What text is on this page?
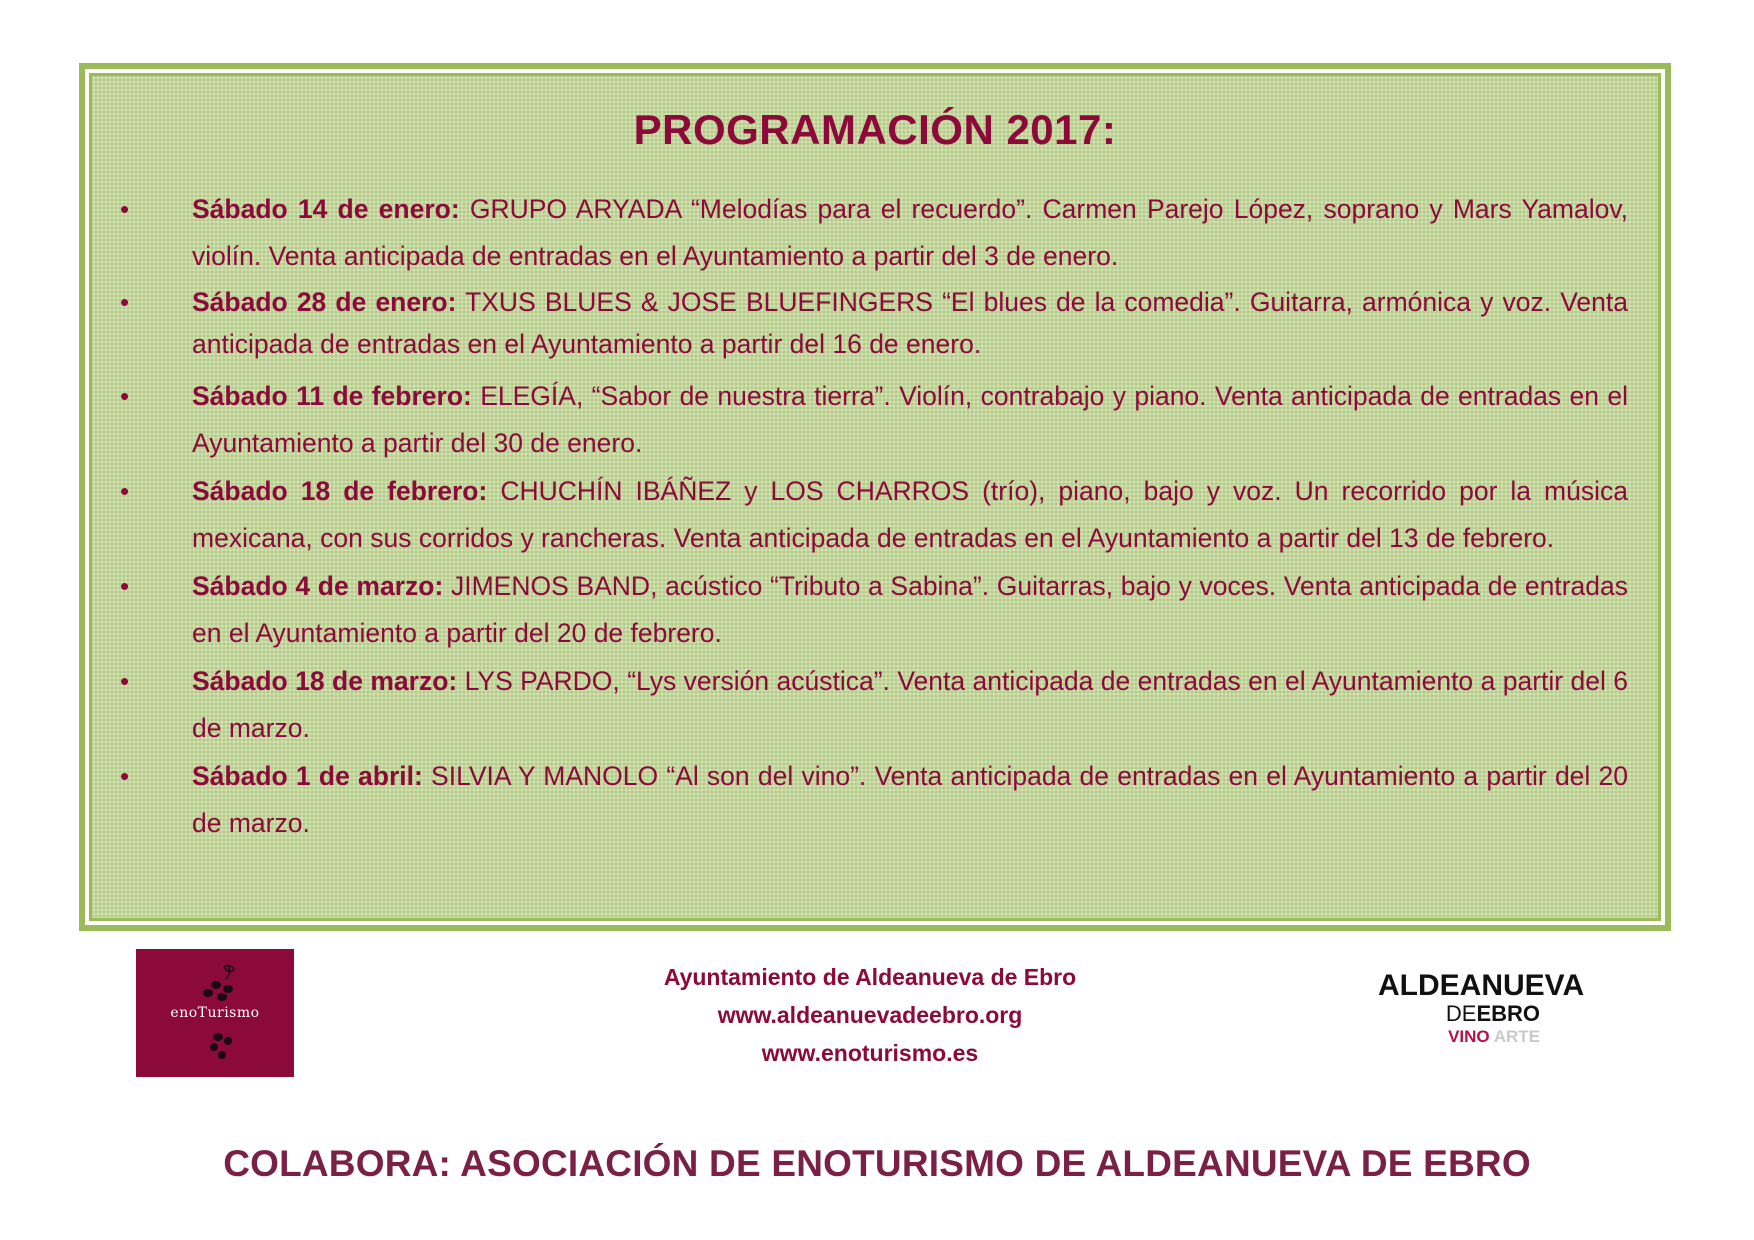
PROGRAMACIÓN 2017:
• Sábado 14 de enero: GRUPO ARYADA “Melodías para el recuerdo”. Carmen Parejo López, soprano y Mars Yamalov, violín. Venta anticipada de entradas en el Ayuntamiento a partir del 3 de enero.
• Sábado 28 de enero: TXUS BLUES & JOSE BLUEFINGERS “El blues de la comedia”. Guitarra, armónica y voz. Venta anticipada de entradas en el Ayuntamiento a partir del 16 de enero.
• Sábado 11 de febrero: ELEGÍA, “Sabor de nuestra tierra”. Violín, contrabajo y piano. Venta anticipada de entradas en el Ayuntamiento a partir del 30 de enero.
• Sábado 18 de febrero: CHUCHÍN IBÁÑEZ y LOS CHARROS (trío), piano, bajo y voz. Un recorrido por la música mexicana, con sus corridos y rancheras. Venta anticipada de entradas en el Ayuntamiento a partir del 13 de febrero.
• Sábado 4 de marzo: JIMENOS BAND, acústico “Tributo a Sabina”. Guitarras, bajo y voces. Venta anticipada de entradas en el Ayuntamiento a partir del 20 de febrero.
• Sábado 18 de marzo: LYS PARDO, “Lys versión acústica”. Venta anticipada de entradas en el Ayuntamiento a partir del 6 de marzo.
• Sábado 1 de abril: SILVIA Y MANOLO “Al son del vino”. Venta anticipada de entradas en el Ayuntamiento a partir del 20 de marzo.
enoTurismo
Ayuntamiento de Aldeanueva de Ebro
www.aldeanuevadeebro.org
www.enoturismo.es
ALDEANUEVA
DEEBRO
VINO ARTE
COLABORA: ASOCIACIÓN DE ENOTURISMO DE ALDEANUEVA DE EBRO
